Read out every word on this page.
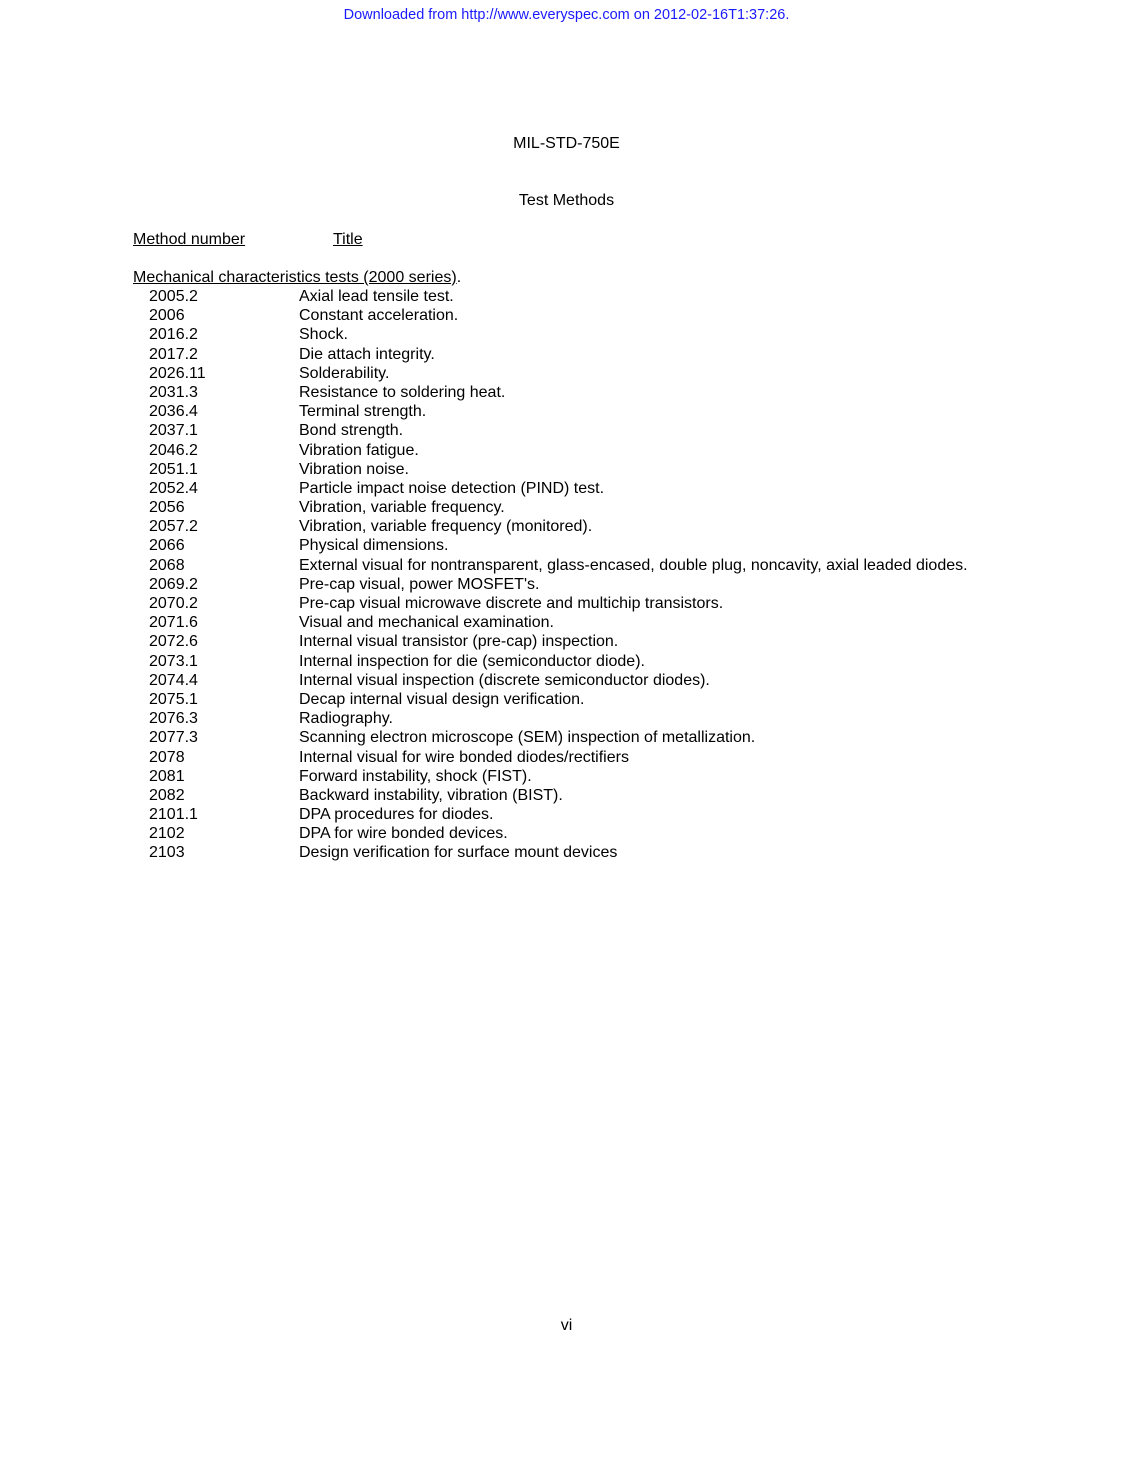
Downloaded from http://www.everyspec.com on 2012-02-16T1:37:26.
MIL-STD-750E
Test Methods
Method number	Title
Mechanical characteristics tests (2000 series).
2005.2	Axial lead tensile test.
2006	Constant acceleration.
2016.2	Shock.
2017.2	Die attach integrity.
2026.11	Solderability.
2031.3	Resistance to soldering heat.
2036.4	Terminal strength.
2037.1	Bond strength.
2046.2	Vibration fatigue.
2051.1	Vibration noise.
2052.4	Particle impact noise detection (PIND) test.
2056	Vibration, variable frequency.
2057.2	Vibration, variable frequency (monitored).
2066	Physical dimensions.
2068	External visual for nontransparent, glass-encased, double plug, noncavity, axial leaded diodes.
2069.2	Pre-cap visual, power MOSFET's.
2070.2	Pre-cap visual microwave discrete and multichip transistors.
2071.6	Visual and mechanical examination.
2072.6	Internal visual transistor (pre-cap) inspection.
2073.1	Internal inspection for die (semiconductor diode).
2074.4	Internal visual inspection (discrete semiconductor diodes).
2075.1	Decap internal visual design verification.
2076.3	Radiography.
2077.3	Scanning electron microscope (SEM) inspection of metallization.
2078	Internal visual for wire bonded diodes/rectifiers
2081	Forward instability, shock (FIST).
2082	Backward instability, vibration (BIST).
2101.1	DPA procedures for diodes.
2102	DPA for wire bonded devices.
2103	Design verification for surface mount devices
vi
